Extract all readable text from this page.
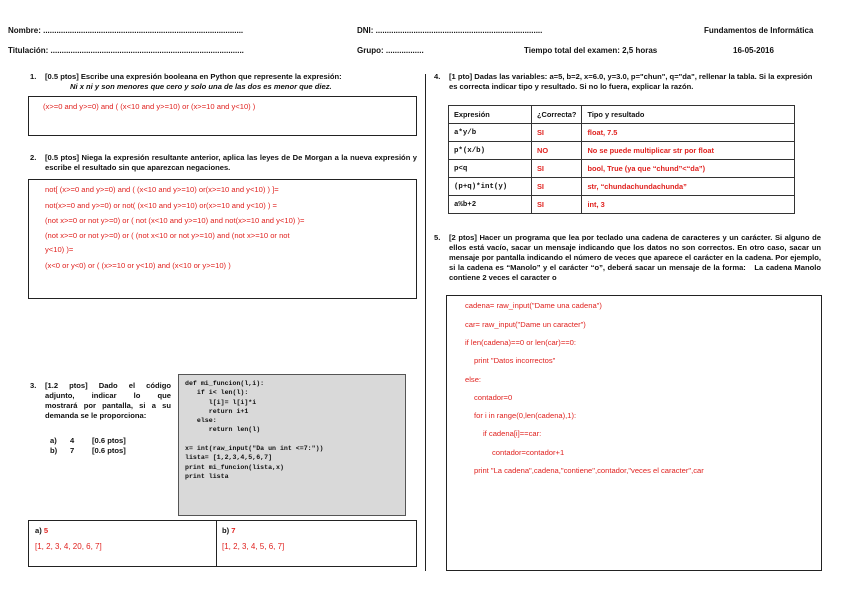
Nombre: ..........................................................................................	DNI: ...........................................................................	Fundamentos de Informática
Titulación: .......................................................................................	Grupo: .................	Tiempo total del examen: 2,5 horas	16-05-2016
1. [0.5 ptos] Escribe una expresión booleana en Python que represente la expresión:
Ni x ni y son menores que cero y solo una de las dos es menor que diez.
(x>=0 and y>=0) and ( (x<10 and y>=10) or (x>=10 and y<10) )
2. [0.5 ptos] Niega la expresión resultante anterior, aplica las leyes de De Morgan a la nueva expresión y escribe el resultado sin que aparezcan negaciones.
not[ (x>=0 and y>=0) and ( (x<10 and y>=10) or(x>=10 and y<10) ) ]=
not(x>=0 and y>=0) or not( (x<10 and y>=10) or(x>=10 and y<10) ) =
(not x>=0 or not y>=0) or ( not (x<10 and y>=10) and not(x>=10 and y<10) )=
(not x>=0 or not y>=0) or ( (not x<10 or not y>=10) and (not x>=10 or not
y<10) )=
(x<0 or y<0) or ( (x>=10 or y<10) and (x<10 or y>=10) )
3. [1.2 ptos] Dado el código
adjunto, indicar lo que
mostrará por pantalla, si a su
demanda se le proporciona:
a) 4 [0.6 ptos]
b) 7 [0.6 ptos]
def mi_funcion(l,i):
if i< len(l):
l[i]= l[i]*i
return i+1
else:
return len(l)

x= int(raw_input("Da un int <=7:"))
lista= [1,2,3,4,5,6,7]
print mi_funcion(lista,x)
print lista
a) 5
[1, 2, 3, 4, 20, 6, 7]
b) 7
[1, 2, 3, 4, 5, 6, 7]
4. [1 pto] Dadas las variables: a=5, b=2, x=6.0, y=3.0, p="chun", q="da", rellenar la tabla. Si la expresión es correcta indicar tipo y resultado. Si no lo fuera, explicar la razón.
Expresión	¿Correcta?	Tipo y resultado
a*y/b	SI	float, 7.5
p*(x/b)	NO	No se puede multiplicar str por float
p<q	SI	bool, True (ya que “chund”<“da”)
(p+q)*int(y)	SI	str, “chundachundachunda”
a%b+2	SI	int, 3
5. [2 ptos] Hacer un programa que lea por teclado una cadena de caracteres y un carácter. Si alguno de ellos está vacío, sacar un mensaje indicando que los datos no son correctos. En otro caso, sacar un mensaje por pantalla indicando el número de veces que aparece el carácter en la cadena. Por ejemplo, si la cadena es “Manolo” y el carácter “o”, deberá sacar un mensaje de la forma: La cadena Manolo contiene 2 veces el caracter o
cadena= raw_input("Dame una cadena")
car= raw_input("Dame un caracter")
if len(cadena)==0 or len(car)==0:
print "Datos incorrectos"
else:
contador=0
for i in range(0,len(cadena),1):
if cadena[i]==car:
contador=contador+1
print "La cadena",cadena,"contiene",contador,"veces el caracter",car
